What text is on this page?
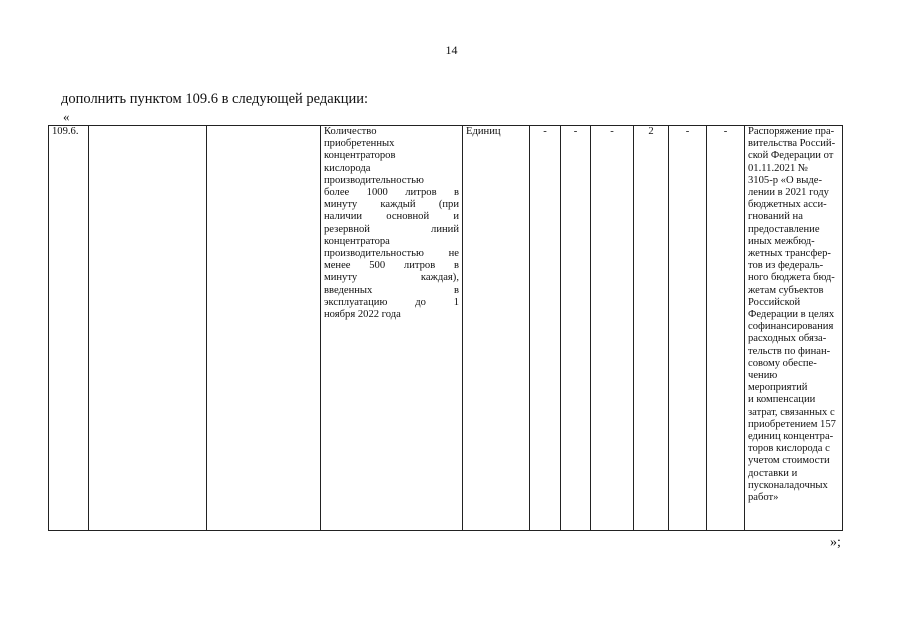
14
дополнить пунктом 109.6 в следующей редакции:
«
109.6.			Количество
приобретенных
концентраторов
кислорода
производительностью
более 1000 литров в
минуту каждый (при
наличии основной и
резервной линий
концентратора
производительностью не
менее 500 литров в
минуту каждая),
введенных в
эксплуатацию до 1
ноября 2022 года
	Единиц	-	-	-	2	-	-	Распоряжение пра-
вительства Россий-
ской Федерации от
01.11.2021 №
3105-р «О выде-
лении в 2021 году
бюджетных асси-
гнований на
предоставление
иных межбюд-
жетных трансфер-
тов из федераль-
ного бюджета бюд-
жетам субъектов
Российской
Федерации в целях
софинансирования
расходных обяза-
тельств по финан-
совому обеспе-
чению мероприятий
и компенсации
затрат, связанных с
приобретением 157
единиц концентра-
торов кислорода с
учетом стоимости
доставки и
пусконаладочных
работ»
»;
